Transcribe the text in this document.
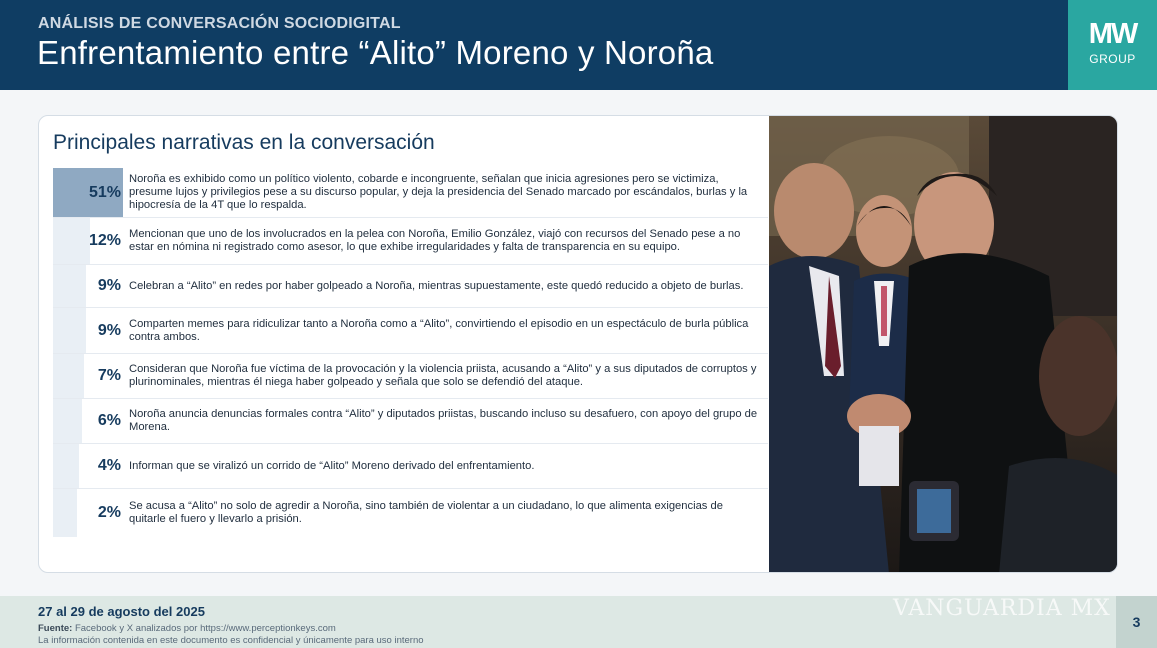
ANÁLISIS DE CONVERSACIÓN SOCIODIGITAL
Enfrentamiento entre “Alito” Moreno y Noroña	MW
GROUP
Principales narrativas en la conversación
51%
Noroña es exhibido como un político violento, cobarde e incongruente, señalan que inicia agresiones pero se victimiza, presume lujos y privilegios pese a su discurso popular, y deja la presidencia del Senado marcado por escándalos, burlas y la hipocresía de la 4T que lo respalda.
12% Mencionan que uno de los involucrados en la pelea con Noroña, Emilio González, viajó con recursos del Senado pese a no estar en nómina ni registrado como asesor, lo que exhibe irregularidades y falta de transparencia en su equipo.
9% Celebran a “Alito” en redes por haber golpeado a Noroña, mientras supuestamente, este quedó reducido a objeto de burlas.
9% Comparten memes para ridiculizar tanto a Noroña como a “Alito”, convirtiendo el episodio en un espectáculo de burla pública contra ambos.
7% Consideran que Noroña fue víctima de la provocación y la violencia priista, acusando a “Alito” y a sus diputados de corruptos y plurinominales, mientras él niega haber golpeado y señala que solo se defendió del ataque.
6% Noroña anuncia denuncias formales contra “Alito” y diputados priistas, buscando incluso su desafuero, con apoyo del grupo de Morena.
4% Informan que se viralizó un corrido de “Alito” Moreno derivado del enfrentamiento.
2% Se acusa a “Alito” no solo de agredir a Noroña, sino también de violentar a un ciudadano, lo que alimenta exigencias de quitarle el fuero y llevarlo a prisión.
27 al 29 de agosto del 2025
Fuente: Facebook y X analizados por https://www.perceptionkeys.com
La información contenida en este documento es confidencial y únicamente para uso interno
VANGUARDIA MX
3
